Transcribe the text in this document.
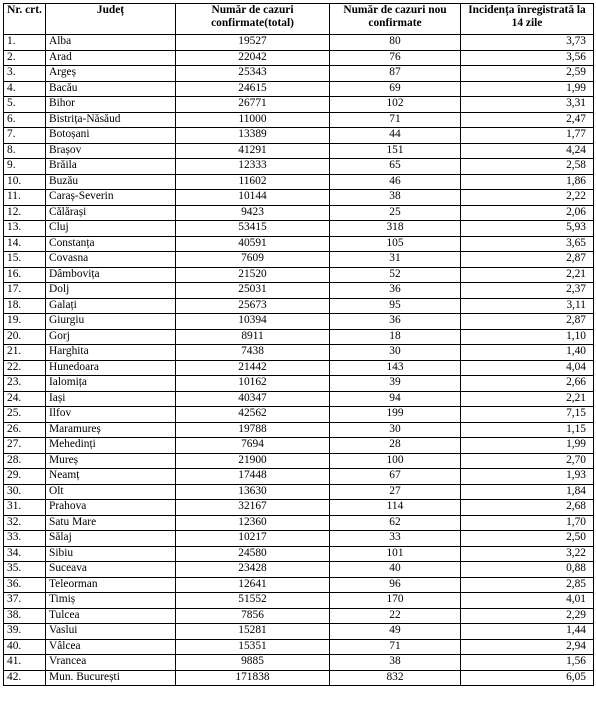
Nr. crt.	Județ	Număr de cazuri confirmate(total)	Număr de cazuri nou confirmate	Incidența înregistrată la 14 zile
1.	Alba	19527	80	3,73
2.	Arad	22042	76	3,56
3.	Argeș	25343	87	2,59
4.	Bacău	24615	69	1,99
5.	Bihor	26771	102	3,31
6.	Bistrița-Năsăud	11000	71	2,47
7.	Botoșani	13389	44	1,77
8.	Brașov	41291	151	4,24
9.	Brăila	12333	65	2,58
10.	Buzău	11602	46	1,86
11.	Caraș-Severin	10144	38	2,22
12.	Călărași	9423	25	2,06
13.	Cluj	53415	318	5,93
14.	Constanța	40591	105	3,65
15.	Covasna	7609	31	2,87
16.	Dâmbovița	21520	52	2,21
17.	Dolj	25031	36	2,37
18.	Galați	25673	95	3,11
19.	Giurgiu	10394	36	2,87
20.	Gorj	8911	18	1,10
21.	Harghita	7438	30	1,40
22.	Hunedoara	21442	143	4,04
23.	Ialomița	10162	39	2,66
24.	Iași	40347	94	2,21
25.	Ilfov	42562	199	7,15
26.	Maramureș	19788	30	1,15
27.	Mehedinți	7694	28	1,99
28.	Mureș	21900	100	2,70
29.	Neamț	17448	67	1,93
30.	Olt	13630	27	1,84
31.	Prahova	32167	114	2,68
32.	Satu Mare	12360	62	1,70
33.	Sălaj	10217	33	2,50
34.	Sibiu	24580	101	3,22
35.	Suceava	23428	40	0,88
36.	Teleorman	12641	96	2,85
37.	Timiș	51552	170	4,01
38.	Tulcea	7856	22	2,29
39.	Vaslui	15281	49	1,44
40.	Vâlcea	15351	71	2,94
41.	Vrancea	9885	38	1,56
42.	Mun. București	171838	832	6,05
